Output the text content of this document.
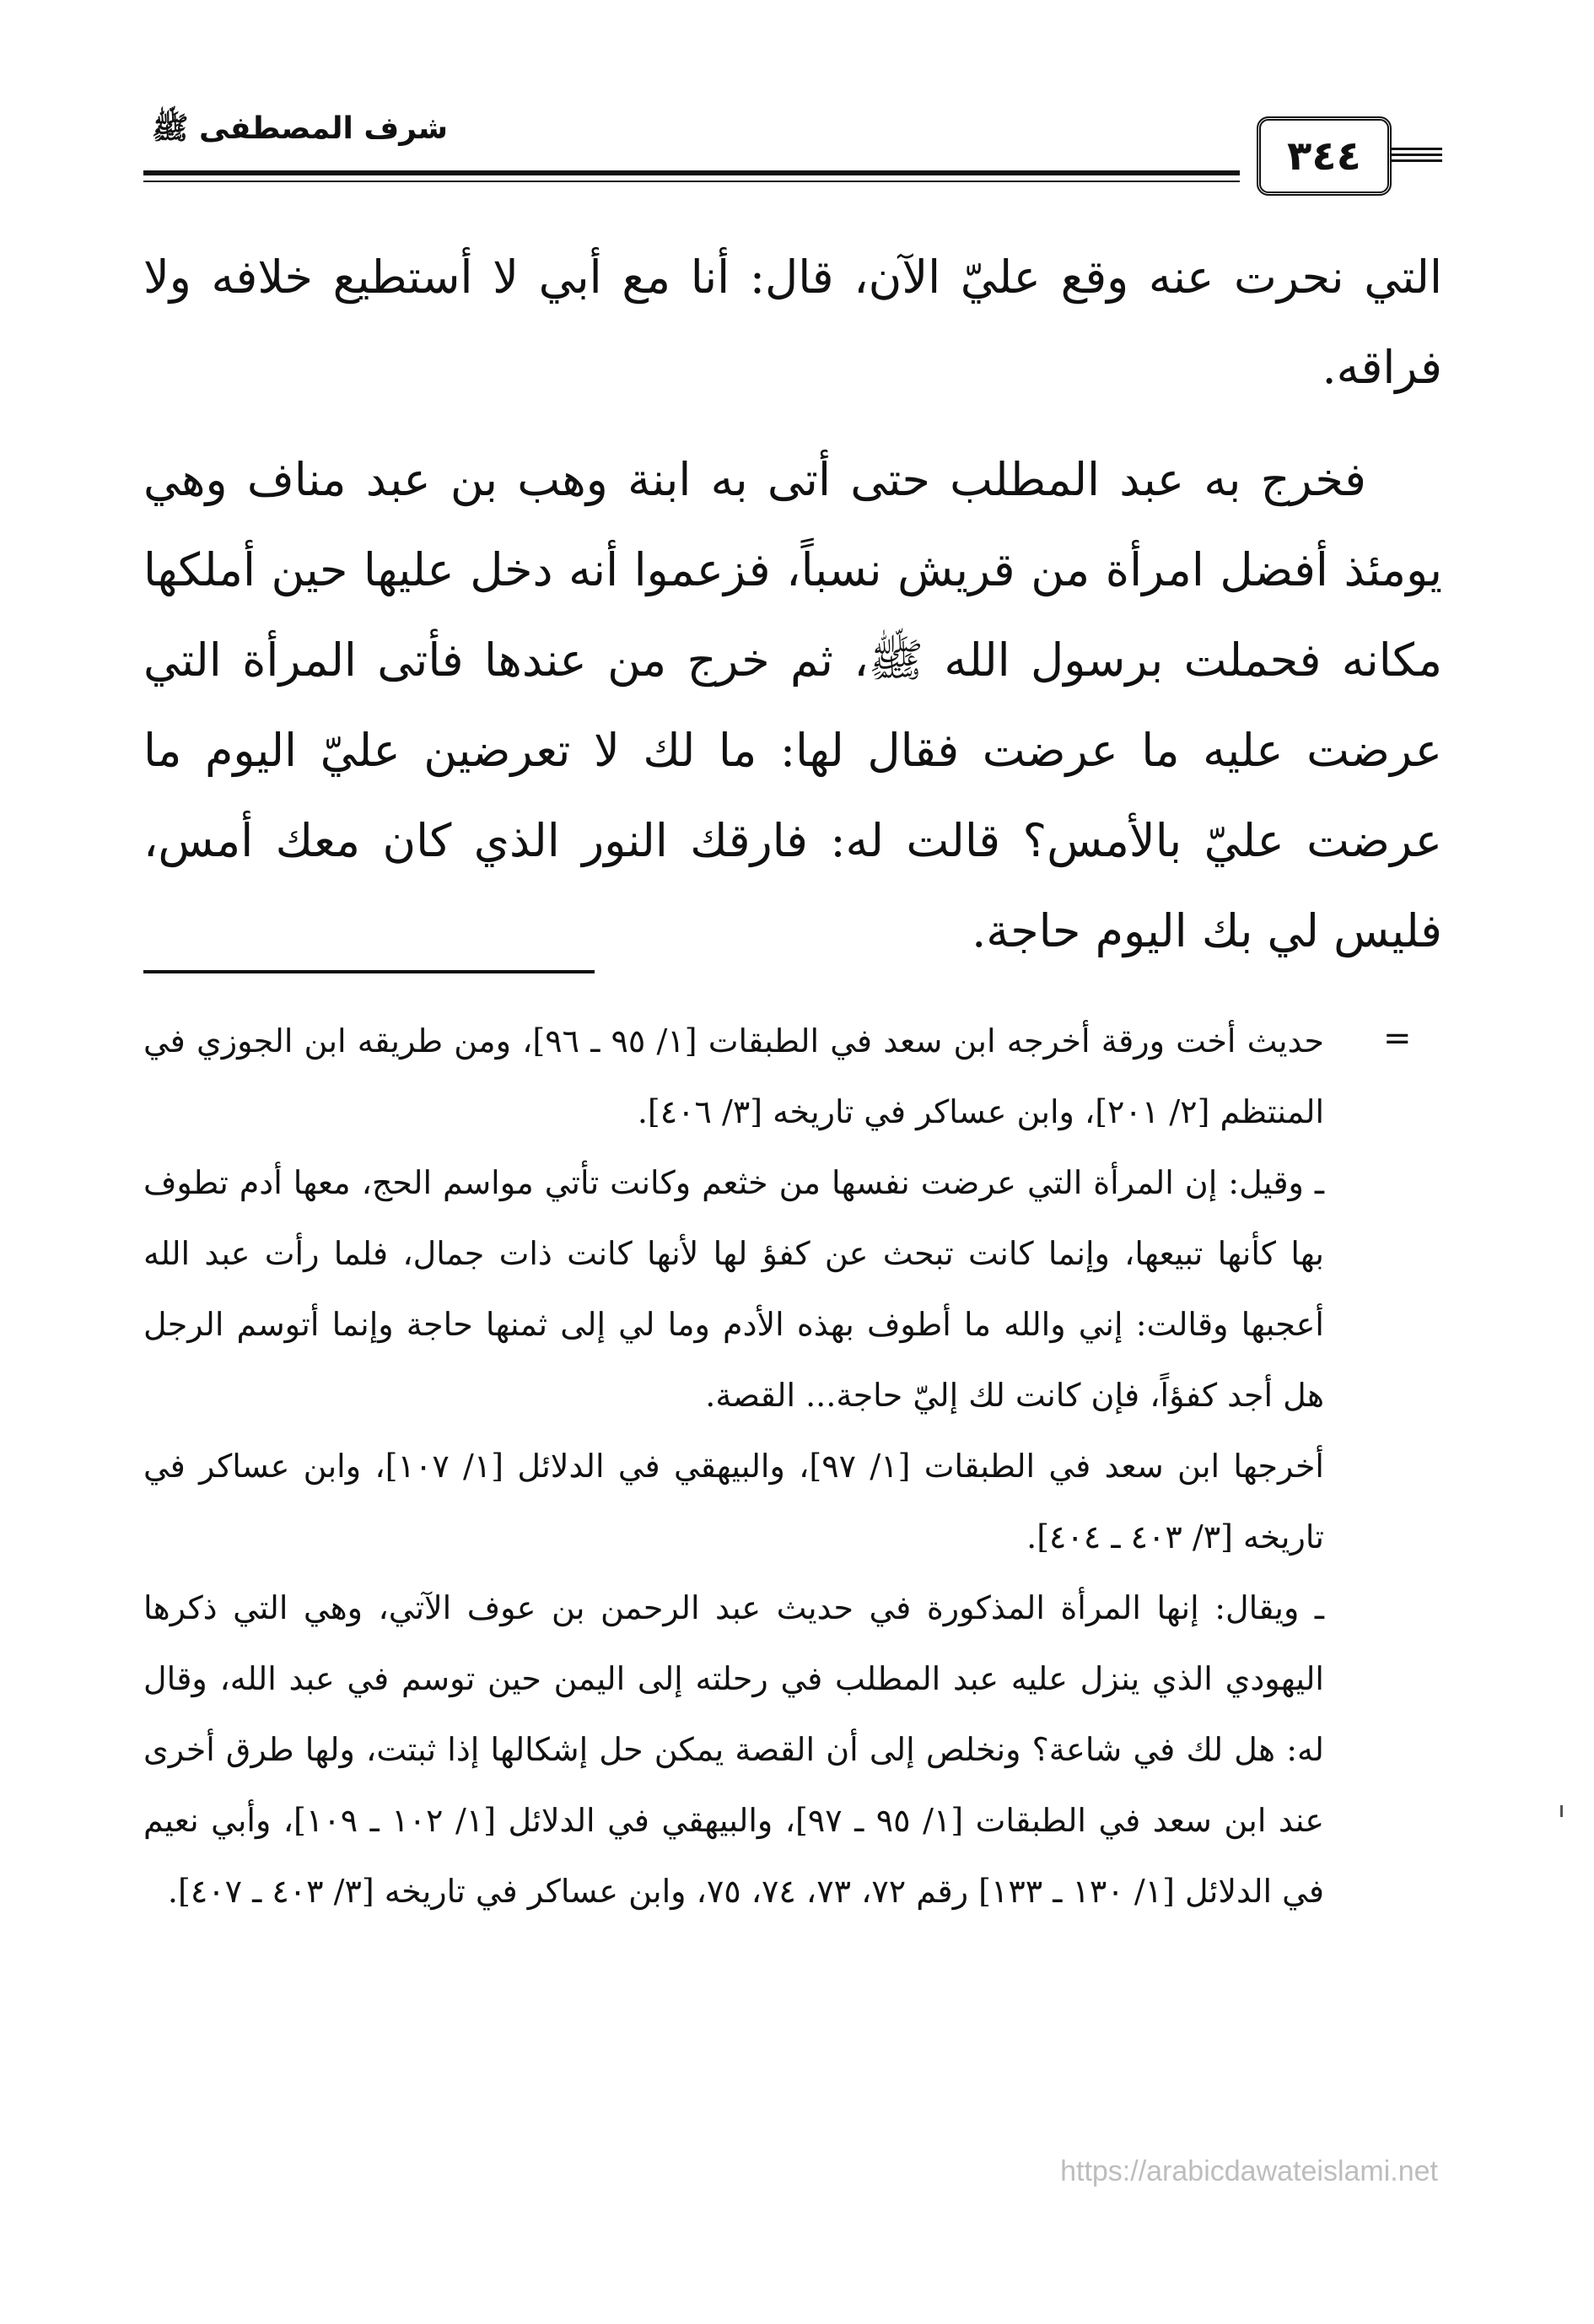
شرف المصطفى ﷺ
٣٤٤

التي نحرت عنه وقع عليّ الآن، قال: أنا مع أبي لا أستطيع خلافه ولا فراقه.

فخرج به عبد المطلب حتى أتى به ابنة وهب بن عبد مناف وهي يومئذ أفضل امرأة من قريش نسباً، فزعموا أنه دخل عليها حين أملكها مكانه فحملت برسول الله ﷺ، ثم خرج من عندها فأتى المرأة التي عرضت عليه ما عرضت فقال لها: ما لك لا تعرضين عليّ اليوم ما عرضت عليّ بالأمس؟ قالت له: فارقك النور الذي كان معك أمس، فليس لي بك اليوم حاجة.

=

حديث أخت ورقة أخرجه ابن سعد في الطبقات [١/ ٩٥ ـ ٩٦]، ومن طريقه ابن الجوزي في المنتظم [٢/ ٢٠١]، وابن عساكر في تاريخه [٣/ ٤٠٦].

ـ وقيل: إن المرأة التي عرضت نفسها من خثعم وكانت تأتي مواسم الحج، معها أدم تطوف بها كأنها تبيعها، وإنما كانت تبحث عن كفؤ لها لأنها كانت ذات جمال، فلما رأت عبد الله أعجبها وقالت: إني والله ما أطوف بهذه الأدم وما لي إلى ثمنها حاجة وإنما أتوسم الرجل هل أجد كفؤاً، فإن كانت لك إليّ حاجة... القصة.

أخرجها ابن سعد في الطبقات [١/ ٩٧]، والبيهقي في الدلائل [١/ ١٠٧]، وابن عساكر في تاريخه [٣/ ٤٠٣ ـ ٤٠٤].

ـ ويقال: إنها المرأة المذكورة في حديث عبد الرحمن بن عوف الآتي، وهي التي ذكرها اليهودي الذي ينزل عليه عبد المطلب في رحلته إلى اليمن حين توسم في عبد الله، وقال له: هل لك في شاعة؟ ونخلص إلى أن القصة يمكن حل إشكالها إذا ثبتت، ولها طرق أخرى عند ابن سعد في الطبقات [١/ ٩٥ ـ ٩٧]، والبيهقي في الدلائل [١/ ١٠٢ ـ ١٠٩]، وأبي نعيم في الدلائل [١/ ١٣٠ ـ ١٣٣] رقم ٧٢، ٧٣، ٧٤، ٧٥، وابن عساكر في تاريخه [٣/ ٤٠٣ ـ ٤٠٧].

https://arabicdawateislami.net
